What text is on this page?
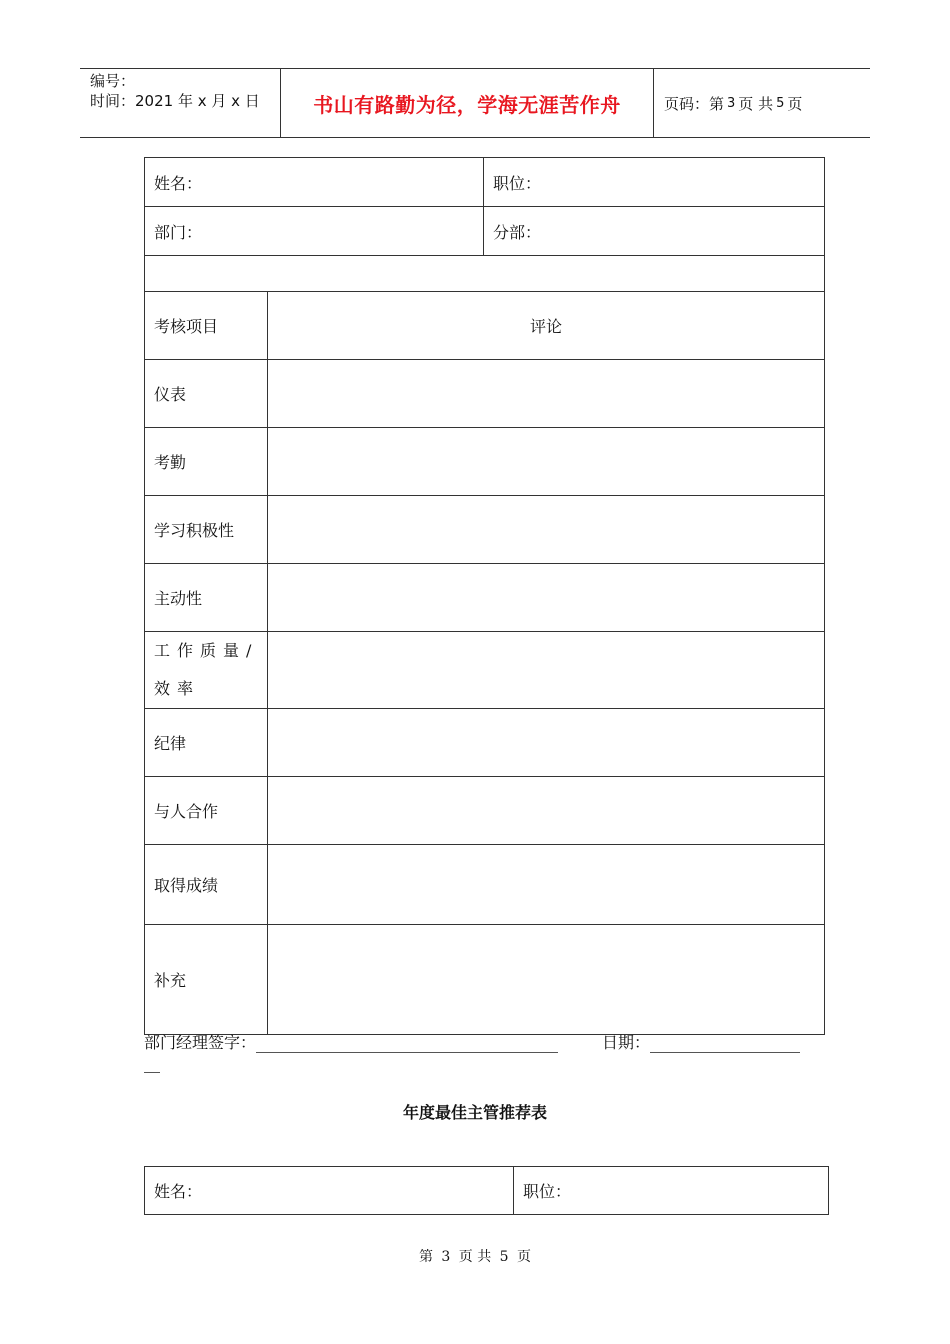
编号：
时间：2021 年 x 月 x 日	书山有路勤为径，学海无涯苦作舟	页码：第 3 页 共 5 页
姓名：		职位：
部门：		分部：

考核项目	评论	
仪表		
考勤		
学习积极性		
主动性		
工作质量/效率		
纪律		
与人合作		
取得成绩		
补充		
部门经理签字：	日期：
年度最佳主管推荐表
姓名：	职位：
第 3 页 共 5 页
